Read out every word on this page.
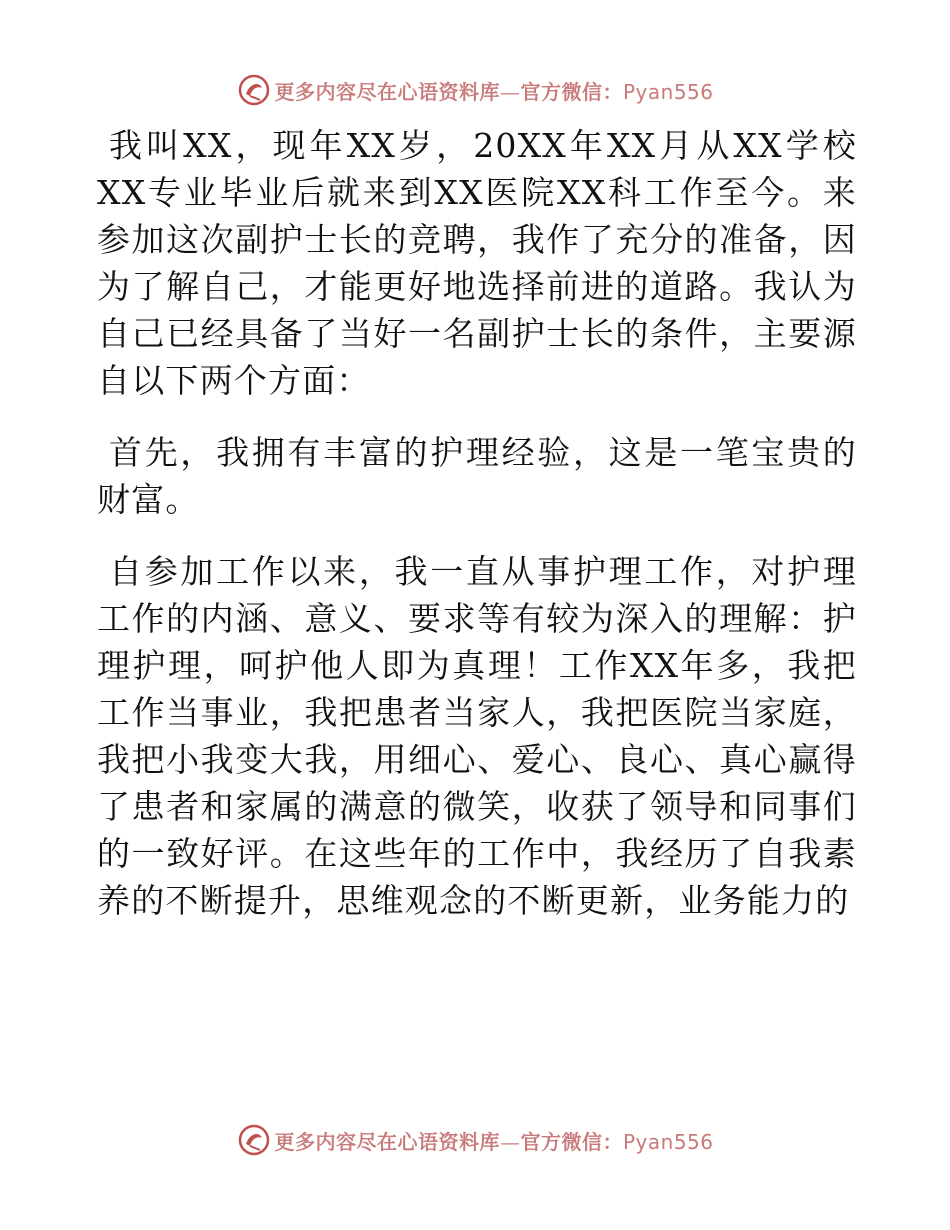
更多内容尽在心语资料库—官方微信：Pyan556

我叫XX，现年XX岁，20XX年XX月从XX学校XX专业毕业后就来到XX医院XX科工作至今。来参加这次副护士长的竞聘，我作了充分的准备，因为了解自己，才能更好地选择前进的道路。我认为自己已经具备了当好一名副护士长的条件，主要源自以下两个方面：

首先，我拥有丰富的护理经验，这是一笔宝贵的财富。

自参加工作以来，我一直从事护理工作，对护理工作的内涵、意义、要求等有较为深入的理解：护理护理，呵护他人即为真理！工作XX年多，我把工作当事业，我把患者当家人，我把医院当家庭，我把小我变大我，用细心、爱心、良心、真心赢得了患者和家属的满意的微笑，收获了领导和同事们的一致好评。在这些年的工作中，我经历了自我素养的不断提升，思维观念的不断更新，业务能力的

更多内容尽在心语资料库—官方微信：Pyan556
